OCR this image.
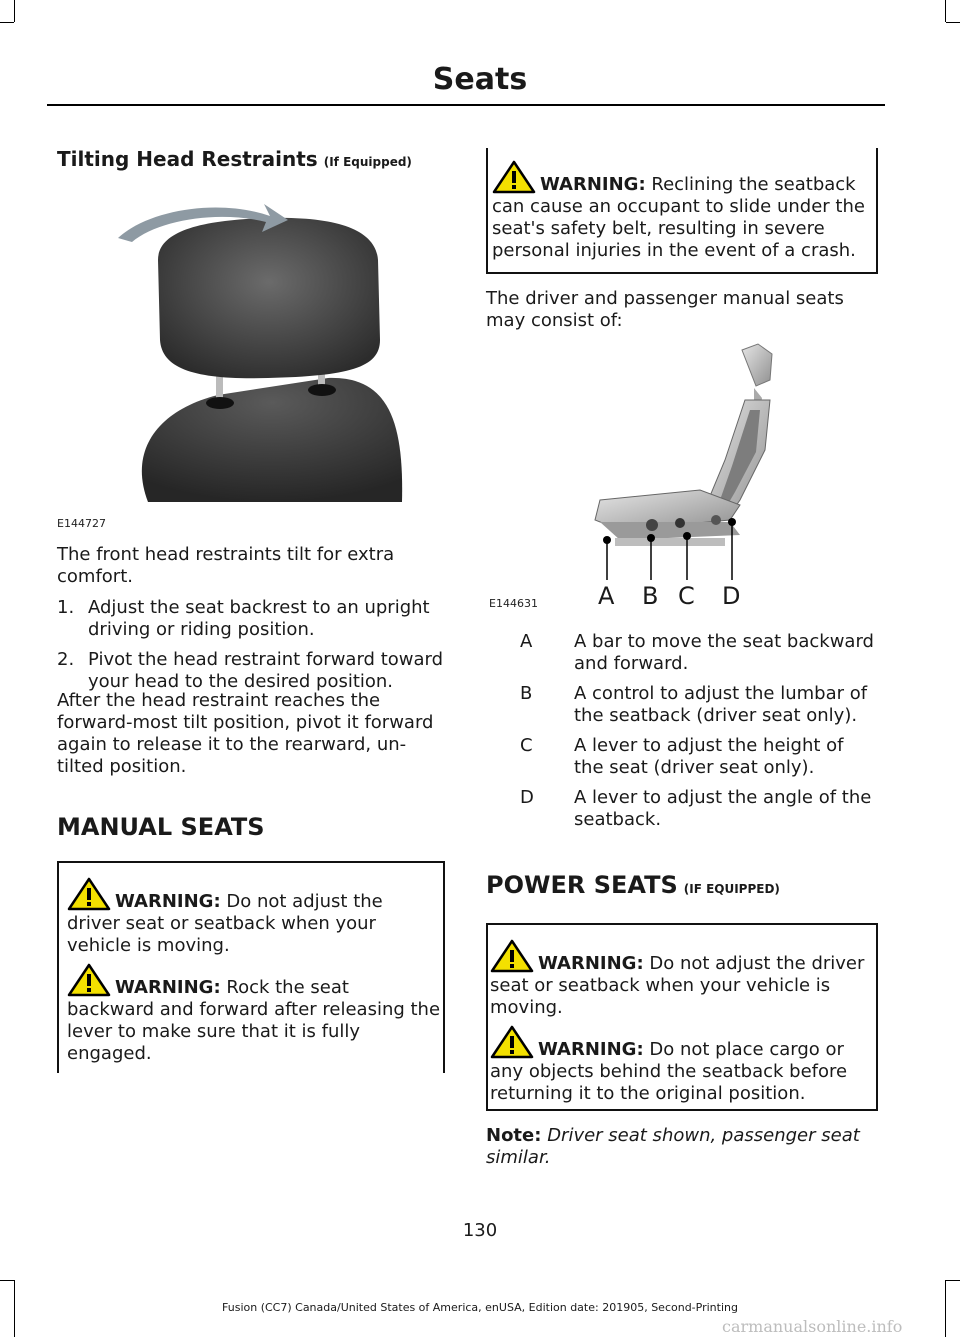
Seats
Tilting Head Restraints (If Equipped)
E144727
The front head restraints tilt for extra comfort.
1. Adjust the seat backrest to an upright driving or riding position.
2. Pivot the head restraint forward toward your head to the desired position.
After the head restraint reaches the forward-most tilt position, pivot it forward again to release it to the rearward, un-tilted position.
MANUAL SEATS
WARNING: Do not adjust the driver seat or seatback when your vehicle is moving.
WARNING: Rock the seat backward and forward after releasing the lever to make sure that it is fully engaged.
WARNING: Reclining the seatback can cause an occupant to slide under the seat's safety belt, resulting in severe personal injuries in the event of a crash.
The driver and passenger manual seats may consist of:
A B C D
E144631
A A bar to move the seat backward and forward.
B A control to adjust the lumbar of the seatback (driver seat only).
C A lever to adjust the height of the seat (driver seat only).
D A lever to adjust the angle of the seatback.
POWER SEATS (IF EQUIPPED)
WARNING: Do not adjust the driver seat or seatback when your vehicle is moving.
WARNING: Do not place cargo or any objects behind the seatback before returning it to the original position.
Note: Driver seat shown, passenger seat similar.
130
Fusion (CC7) Canada/United States of America, enUSA, Edition date: 201905, Second-Printing
carmanualsonline.info
